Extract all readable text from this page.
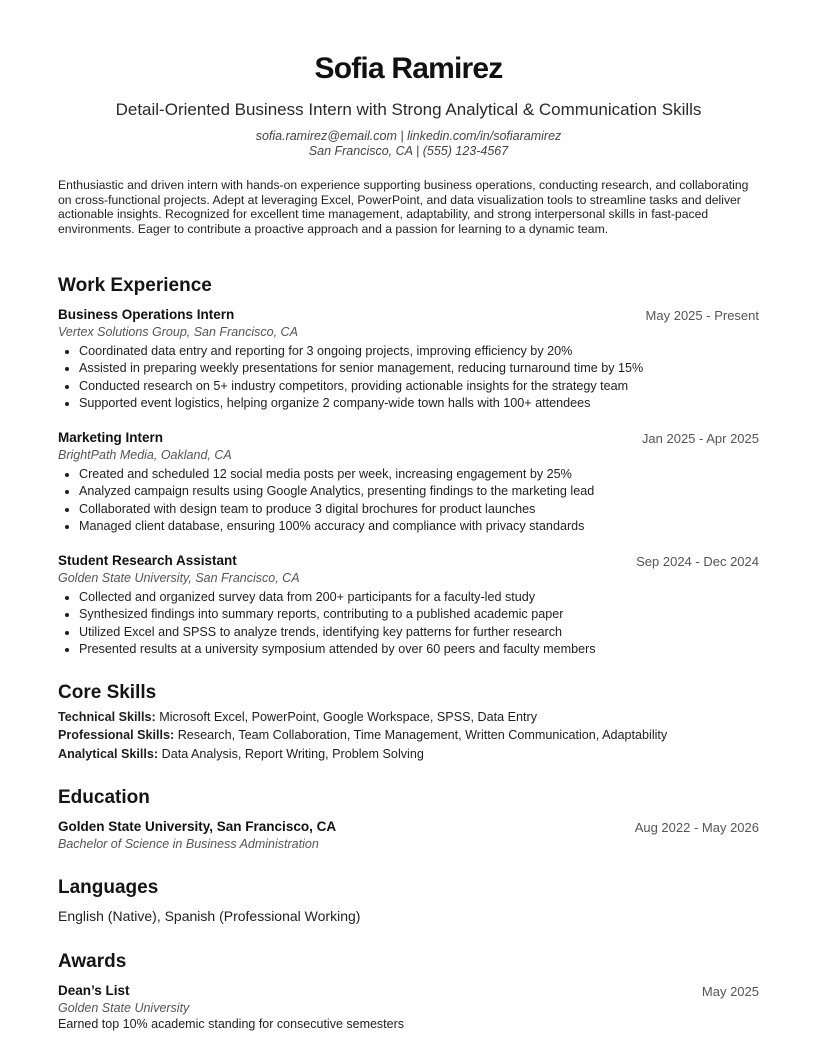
Sofia Ramirez
Detail-Oriented Business Intern with Strong Analytical & Communication Skills
sofia.ramirez@email.com | linkedin.com/in/sofiaramirez
San Francisco, CA | (555) 123-4567
Enthusiastic and driven intern with hands-on experience supporting business operations, conducting research, and collaborating on cross-functional projects. Adept at leveraging Excel, PowerPoint, and data visualization tools to streamline tasks and deliver actionable insights. Recognized for excellent time management, adaptability, and strong interpersonal skills in fast-paced environments. Eager to contribute a proactive approach and a passion for learning to a dynamic team.
Work Experience
Business Operations Intern	May 2025 - Present
Vertex Solutions Group, San Francisco, CA
• Coordinated data entry and reporting for 3 ongoing projects, improving efficiency by 20%
• Assisted in preparing weekly presentations for senior management, reducing turnaround time by 15%
• Conducted research on 5+ industry competitors, providing actionable insights for the strategy team
• Supported event logistics, helping organize 2 company-wide town halls with 100+ attendees
Marketing Intern	Jan 2025 - Apr 2025
BrightPath Media, Oakland, CA
• Created and scheduled 12 social media posts per week, increasing engagement by 25%
• Analyzed campaign results using Google Analytics, presenting findings to the marketing lead
• Collaborated with design team to produce 3 digital brochures for product launches
• Managed client database, ensuring 100% accuracy and compliance with privacy standards
Student Research Assistant	Sep 2024 - Dec 2024
Golden State University, San Francisco, CA
• Collected and organized survey data from 200+ participants for a faculty-led study
• Synthesized findings into summary reports, contributing to a published academic paper
• Utilized Excel and SPSS to analyze trends, identifying key patterns for further research
• Presented results at a university symposium attended by over 60 peers and faculty members
Core Skills
Technical Skills: Microsoft Excel, PowerPoint, Google Workspace, SPSS, Data Entry
Professional Skills: Research, Team Collaboration, Time Management, Written Communication, Adaptability
Analytical Skills: Data Analysis, Report Writing, Problem Solving
Education
Golden State University, San Francisco, CA	Aug 2022 - May 2026
Bachelor of Science in Business Administration
Languages
English (Native), Spanish (Professional Working)
Awards
Dean’s List	May 2025
Golden State University
Earned top 10% academic standing for consecutive semesters
